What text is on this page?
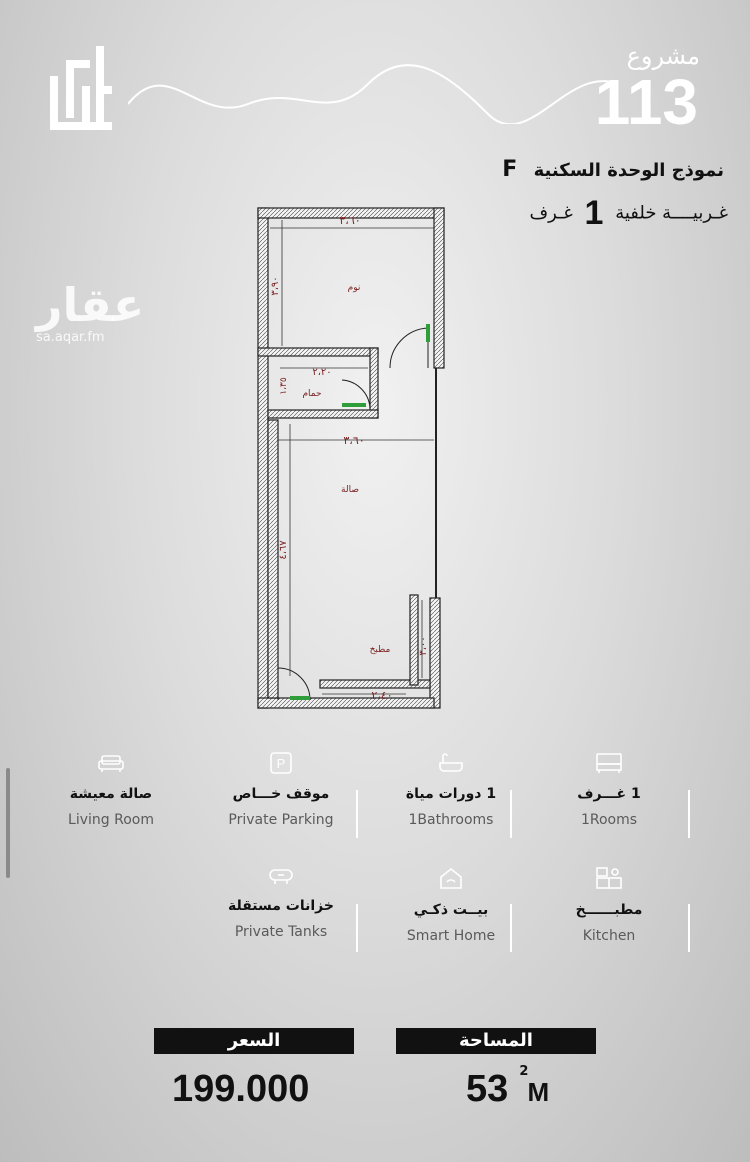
مشروع
113
نموذج الوحدة السكنية F
غـربيــــة خلفية 1 غـرف
عقار
sa.aqar.fm
٣،٦٠
٣،٩٠	نوم
٢،٢٠
١،٣٥ حمام
٣،٦٠
٤،٦٧
صالة
مطبخ
٢،٤٠
٣،٠٠
1 غـــرف
1Rooms
1 دورات مياة
1Bathrooms
P
موقف خـــاص
Private Parking
صالة معيشة
Living Room
مطبــــــخ
Kitchen
بيــت ذكـي
Smart Home
خزانات مستقلة
Private Tanks
المساحة
السعر
53 $^2$ M
199.000
